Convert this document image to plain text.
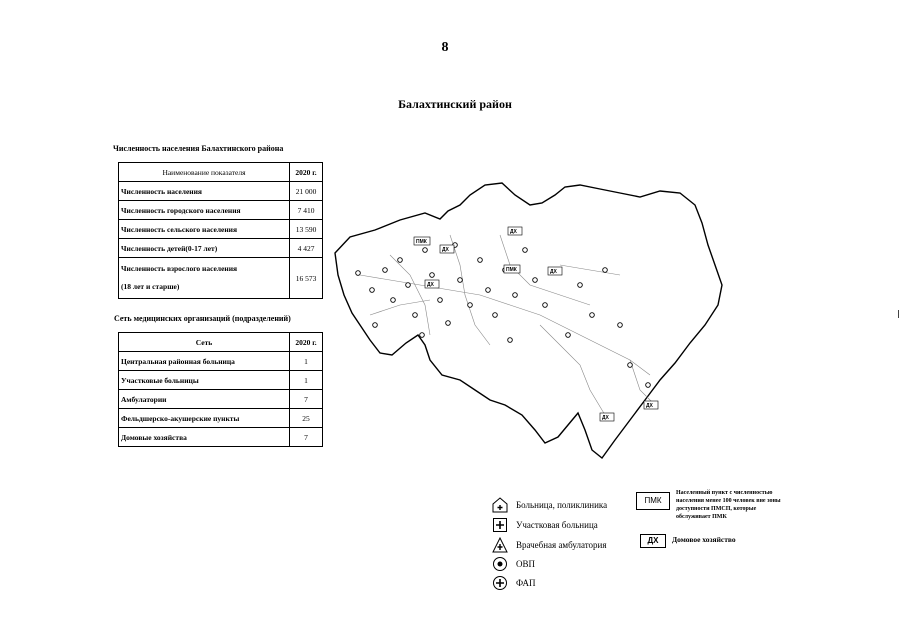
8
Балахтинский район
Численность населения Балахтинского района
Наименование показателя	2020 г.
Численность населения	21 000
Численность городского населения	7 410
Численность сельского населения	13 590
Численность детей(0-17 лет)	4 427

Численность взрослого населения
(18 лет и старше)	16 573
Сеть медицинских организаций (подразделений)
Сеть	2020 г.
Центральная районная больница	1
Участковые больницы	1
Амбулатории	7
Фельдшерско-акушерские пункты	25
Домовые хозяйства	7
ПМК
ДХ
ДХ
ДХ
ПМК	ДХ
ДХ
ДХ
Больница, поликлиника
Участковая больница
Врачебная амбулатория
ОВП
ФАП
ПМК
Населенный пункт с численностью
населения менее 100 человек вне зоны
доступности ПМСП, которые
обслуживает ПМК
ДХ	Домовое хозяйство
